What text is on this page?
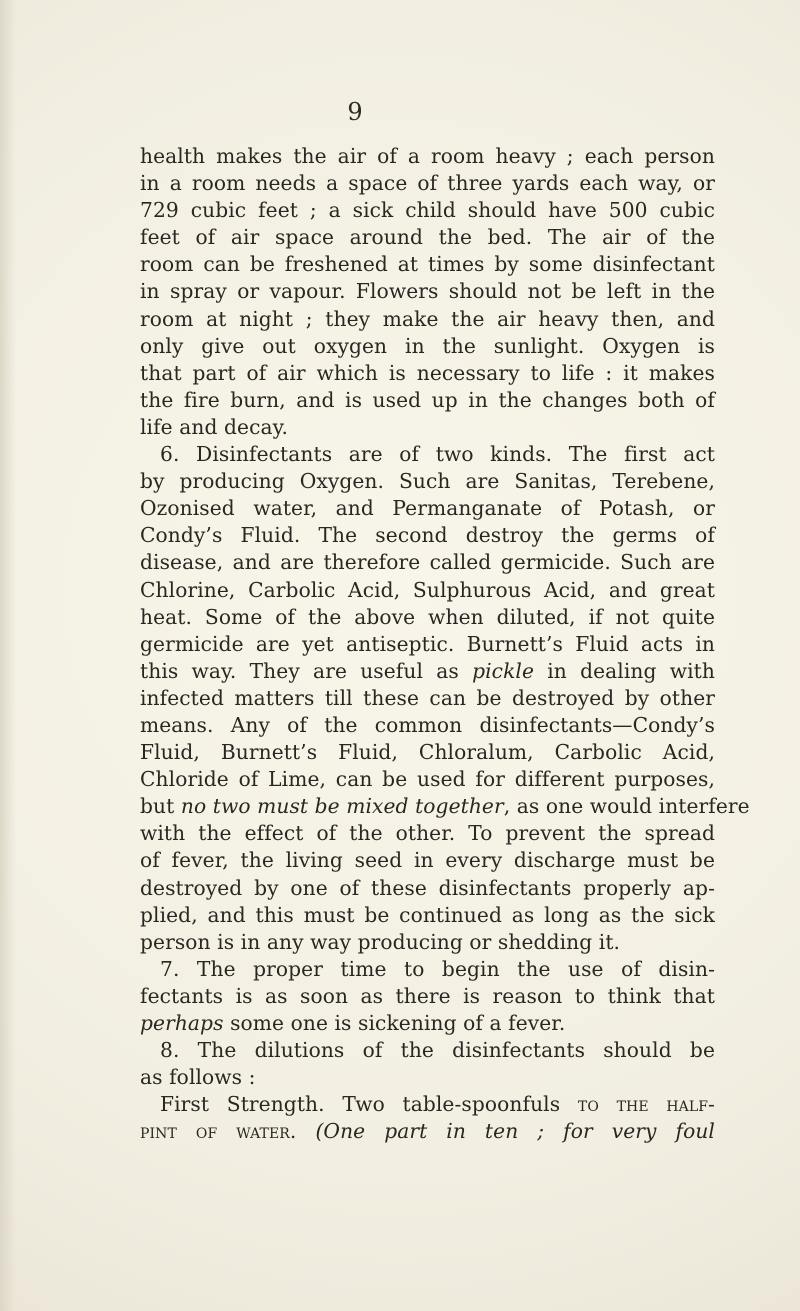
9
health makes the air of a room heavy ; each person
in a room needs a space of three yards each way, or
729 cubic feet ; a sick child should have 500 cubic
feet of air space around the bed. The air of the
room can be freshened at times by some disinfectant
in spray or vapour. Flowers should not be left in the
room at night ; they make the air heavy then, and
only give out oxygen in the sunlight. Oxygen is
that part of air which is necessary to life : it makes
the fire burn, and is used up in the changes both of
life and decay.
6. Disinfectants are of two kinds. The first act
by producing Oxygen. Such are Sanitas, Terebene,
Ozonised water, and Permanganate of Potash, or
Condy’s Fluid. The second destroy the germs of
disease, and are therefore called germicide. Such are
Chlorine, Carbolic Acid, Sulphurous Acid, and great
heat. Some of the above when diluted, if not quite
germicide are yet antiseptic. Burnett’s Fluid acts in
this way. They are useful as pickle in dealing with
infected matters till these can be destroyed by other
means. Any of the common disinfectants—Condy’s
Fluid, Burnett’s Fluid, Chloralum, Carbolic Acid,
Chloride of Lime, can be used for different purposes,
but no two must be mixed together, as one would interfere
with the effect of the other. To prevent the spread
of fever, the living seed in every discharge must be
destroyed by one of these disinfectants properly ap-
plied, and this must be continued as long as the sick
person is in any way producing or shedding it.
7. The proper time to begin the use of disin-
fectants is as soon as there is reason to think that
perhaps some one is sickening of a fever.
8. The dilutions of the disinfectants should be
as follows :
First Strength. Two table-spoonfuls to the half-
pint of water. (One part in ten ; for very foul
